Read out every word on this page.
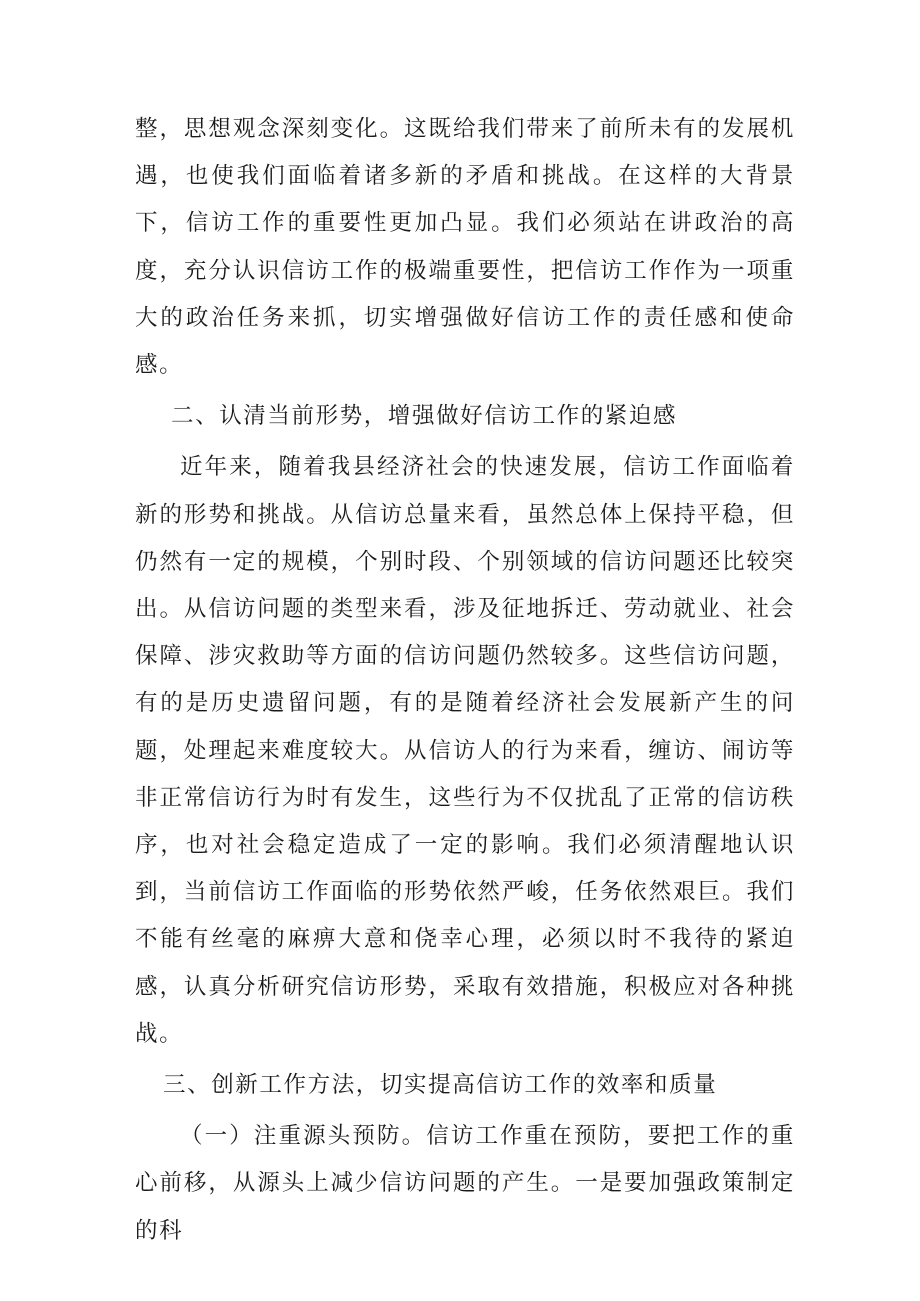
整，思想观念深刻变化。这既给我们带来了前所未有的发展机遇，也使我们面临着诸多新的矛盾和挑战。在这样的大背景下，信访工作的重要性更加凸显。我们必须站在讲政治的高度，充分认识信访工作的极端重要性，把信访工作作为一项重大的政治任务来抓，切实增强做好信访工作的责任感和使命感。

二、认清当前形势，增强做好信访工作的紧迫感

近年来，随着我县经济社会的快速发展，信访工作面临着新的形势和挑战。从信访总量来看，虽然总体上保持平稳，但仍然有一定的规模，个别时段、个别领域的信访问题还比较突出。从信访问题的类型来看，涉及征地拆迁、劳动就业、社会保障、涉灾救助等方面的信访问题仍然较多。这些信访问题，有的是历史遗留问题，有的是随着经济社会发展新产生的问题，处理起来难度较大。从信访人的行为来看，缠访、闹访等非正常信访行为时有发生，这些行为不仅扰乱了正常的信访秩序，也对社会稳定造成了一定的影响。我们必须清醒地认识到，当前信访工作面临的形势依然严峻，任务依然艰巨。我们不能有丝毫的麻痹大意和侥幸心理，必须以时不我待的紧迫感，认真分析研究信访形势，采取有效措施，积极应对各种挑战。

三、创新工作方法，切实提高信访工作的效率和质量

（一）注重源头预防。信访工作重在预防，要把工作的重心前移，从源头上减少信访问题的产生。一是要加强政策制定的科
